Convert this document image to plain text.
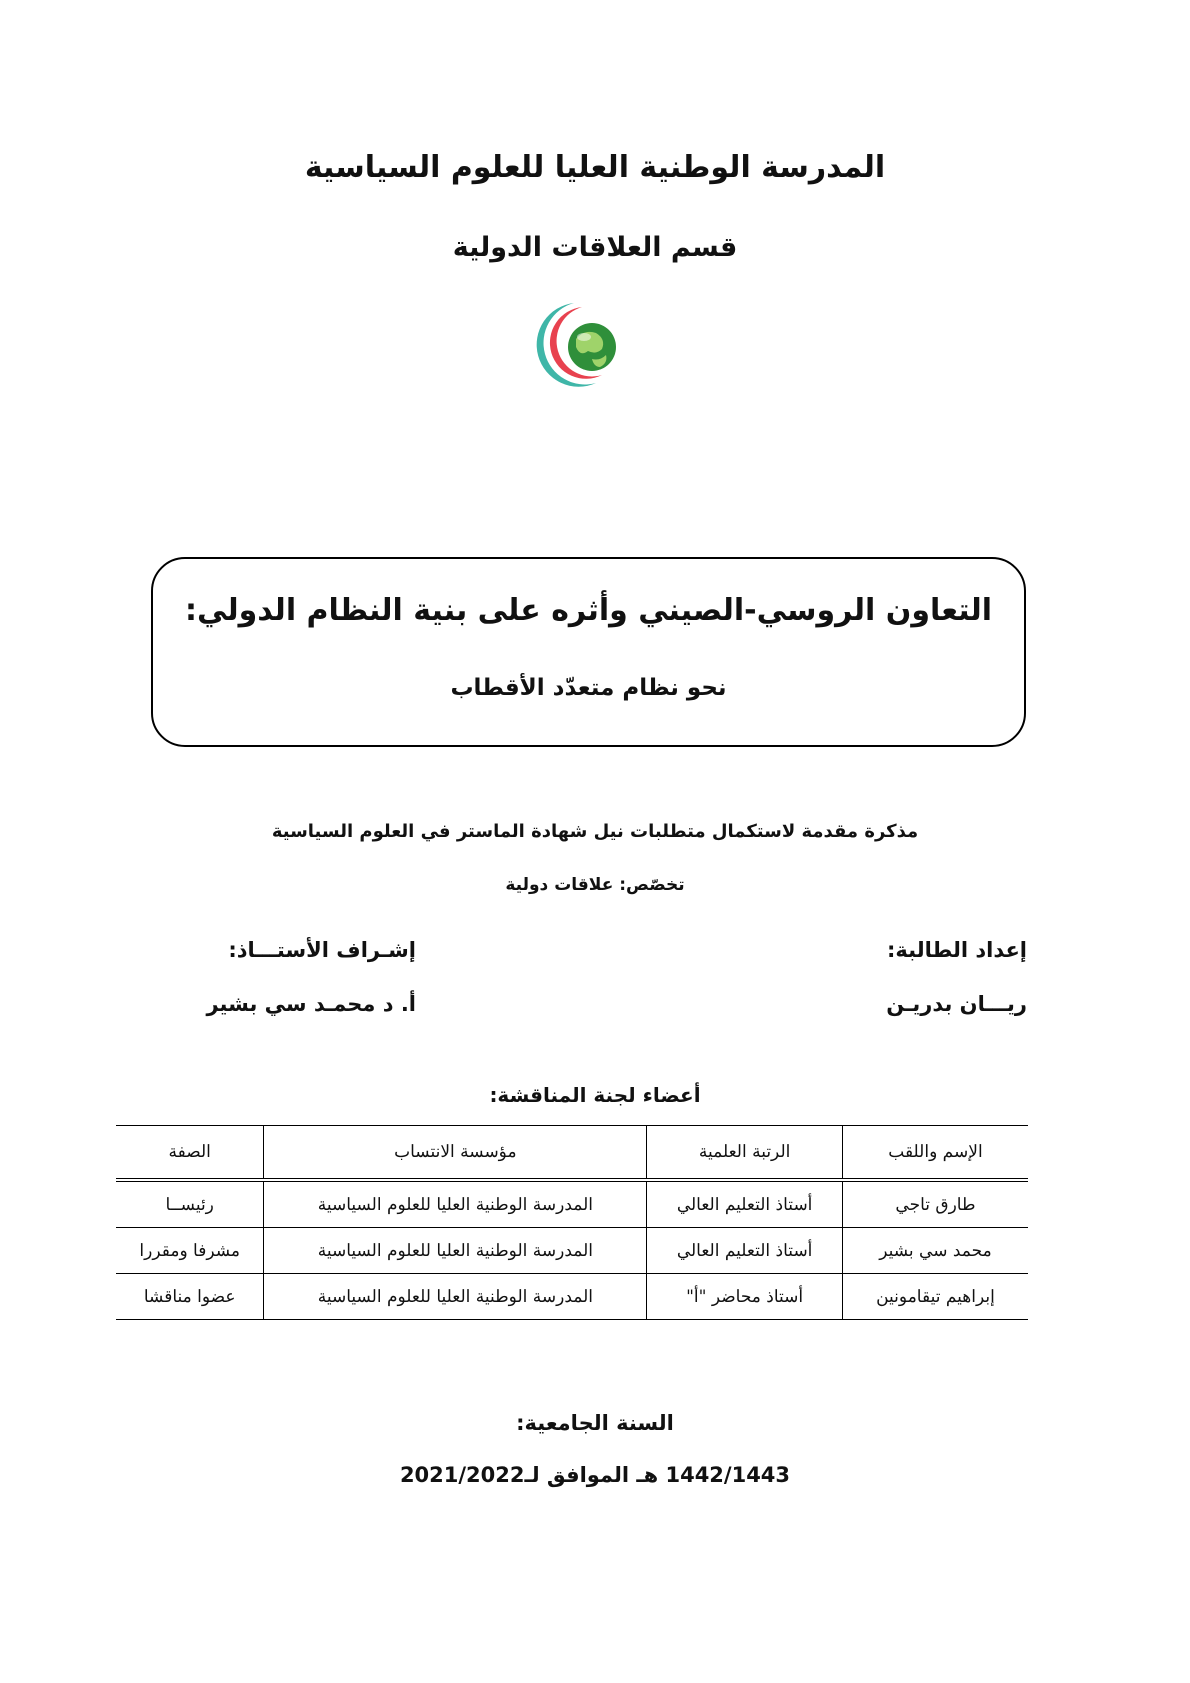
المدرسة الوطنية العليا للعلوم السياسية
قسم العلاقات الدولية
التعاون الروسي-الصيني وأثره على بنية النظام الدولي:
نحو نظام متعدّد الأقطاب
مذكرة مقدمة لاستكمال متطلبات نيل شهادة الماستر في العلوم السياسية
تخصّص: علاقات دولية
إعداد الطالبة:
ريـــان بدريـن
إشـراف الأستـــاذ:
أ. د محمـد سي بشير
أعضاء لجنة المناقشة:
الإسم واللقب	الرتبة العلمية	مؤسسة الانتساب	الصفة
طارق تاجي	أستاذ التعليم العالي	المدرسة الوطنية العليا للعلوم السياسية	رئيســا
محمد سي بشير	أستاذ التعليم العالي	المدرسة الوطنية العليا للعلوم السياسية	مشرفا ومقررا
إبراهيم تيقامونين	أستاذ محاضر "أ"	المدرسة الوطنية العليا للعلوم السياسية	عضوا مناقشا
السنة الجامعية:
1442/1443 هـ الموافق لـ2021/2022
